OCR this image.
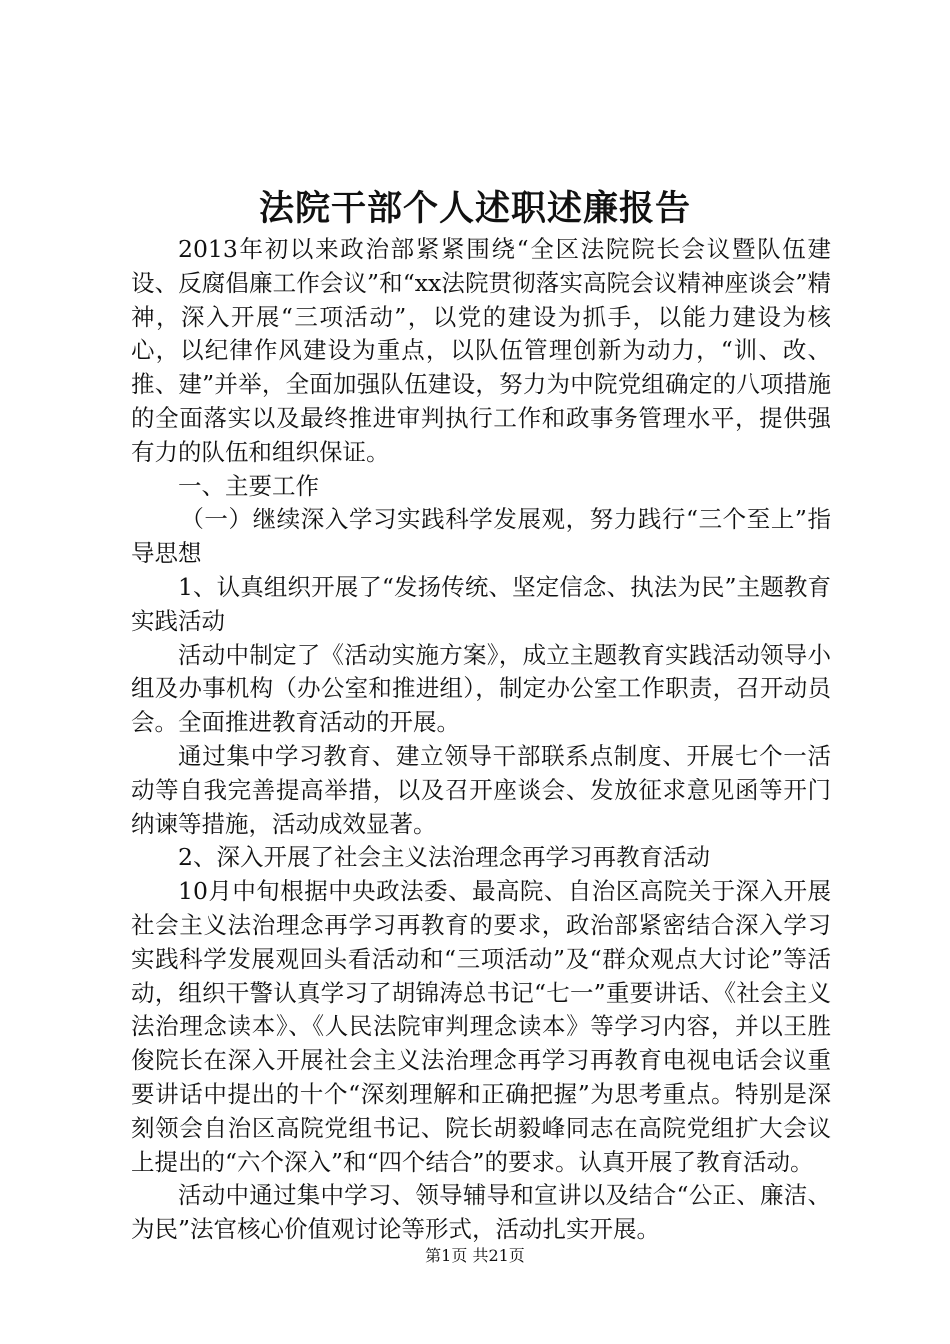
法院干部个人述职述廉报告

2013年初以来政治部紧紧围绕“全区法院院长会议暨队伍建设、反腐倡廉工作会议”和“xx法院贯彻落实高院会议精神座谈会”精神，深入开展“三项活动”，以党的建设为抓手，以能力建设为核心，以纪律作风建设为重点，以队伍管理创新为动力，“训、改、推、建”并举，全面加强队伍建设，努力为中院党组确定的八项措施的全面落实以及最终推进审判执行工作和政事务管理水平，提供强有力的队伍和组织保证。

一、主要工作

（一）继续深入学习实践科学发展观，努力践行“三个至上”指导思想

1、认真组织开展了“发扬传统、坚定信念、执法为民”主题教育实践活动

活动中制定了《活动实施方案》，成立主题教育实践活动领导小组及办事机构（办公室和推进组），制定办公室工作职责，召开动员会。全面推进教育活动的开展。

通过集中学习教育、建立领导干部联系点制度、开展七个一活动等自我完善提高举措，以及召开座谈会、发放征求意见函等开门纳谏等措施，活动成效显著。

2、深入开展了社会主义法治理念再学习再教育活动

10月中旬根据中央政法委、最高院、自治区高院关于深入开展社会主义法治理念再学习再教育的要求，政治部紧密结合深入学习实践科学发展观回头看活动和“三项活动”及“群众观点大讨论”等活动，组织干警认真学习了胡锦涛总书记“七一”重要讲话、《社会主义法治理念读本》、《人民法院审判理念读本》等学习内容，并以王胜俊院长在深入开展社会主义法治理念再学习再教育电视电话会议重要讲话中提出的十个“深刻理解和正确把握”为思考重点。特别是深刻领会自治区高院党组书记、院长胡毅峰同志在高院党组扩大会议上提出的“六个深入”和“四个结合”的要求。认真开展了教育活动。

活动中通过集中学习、领导辅导和宣讲以及结合“公正、廉洁、为民”法官核心价值观讨论等形式，活动扎实开展。

第1页 共21页
